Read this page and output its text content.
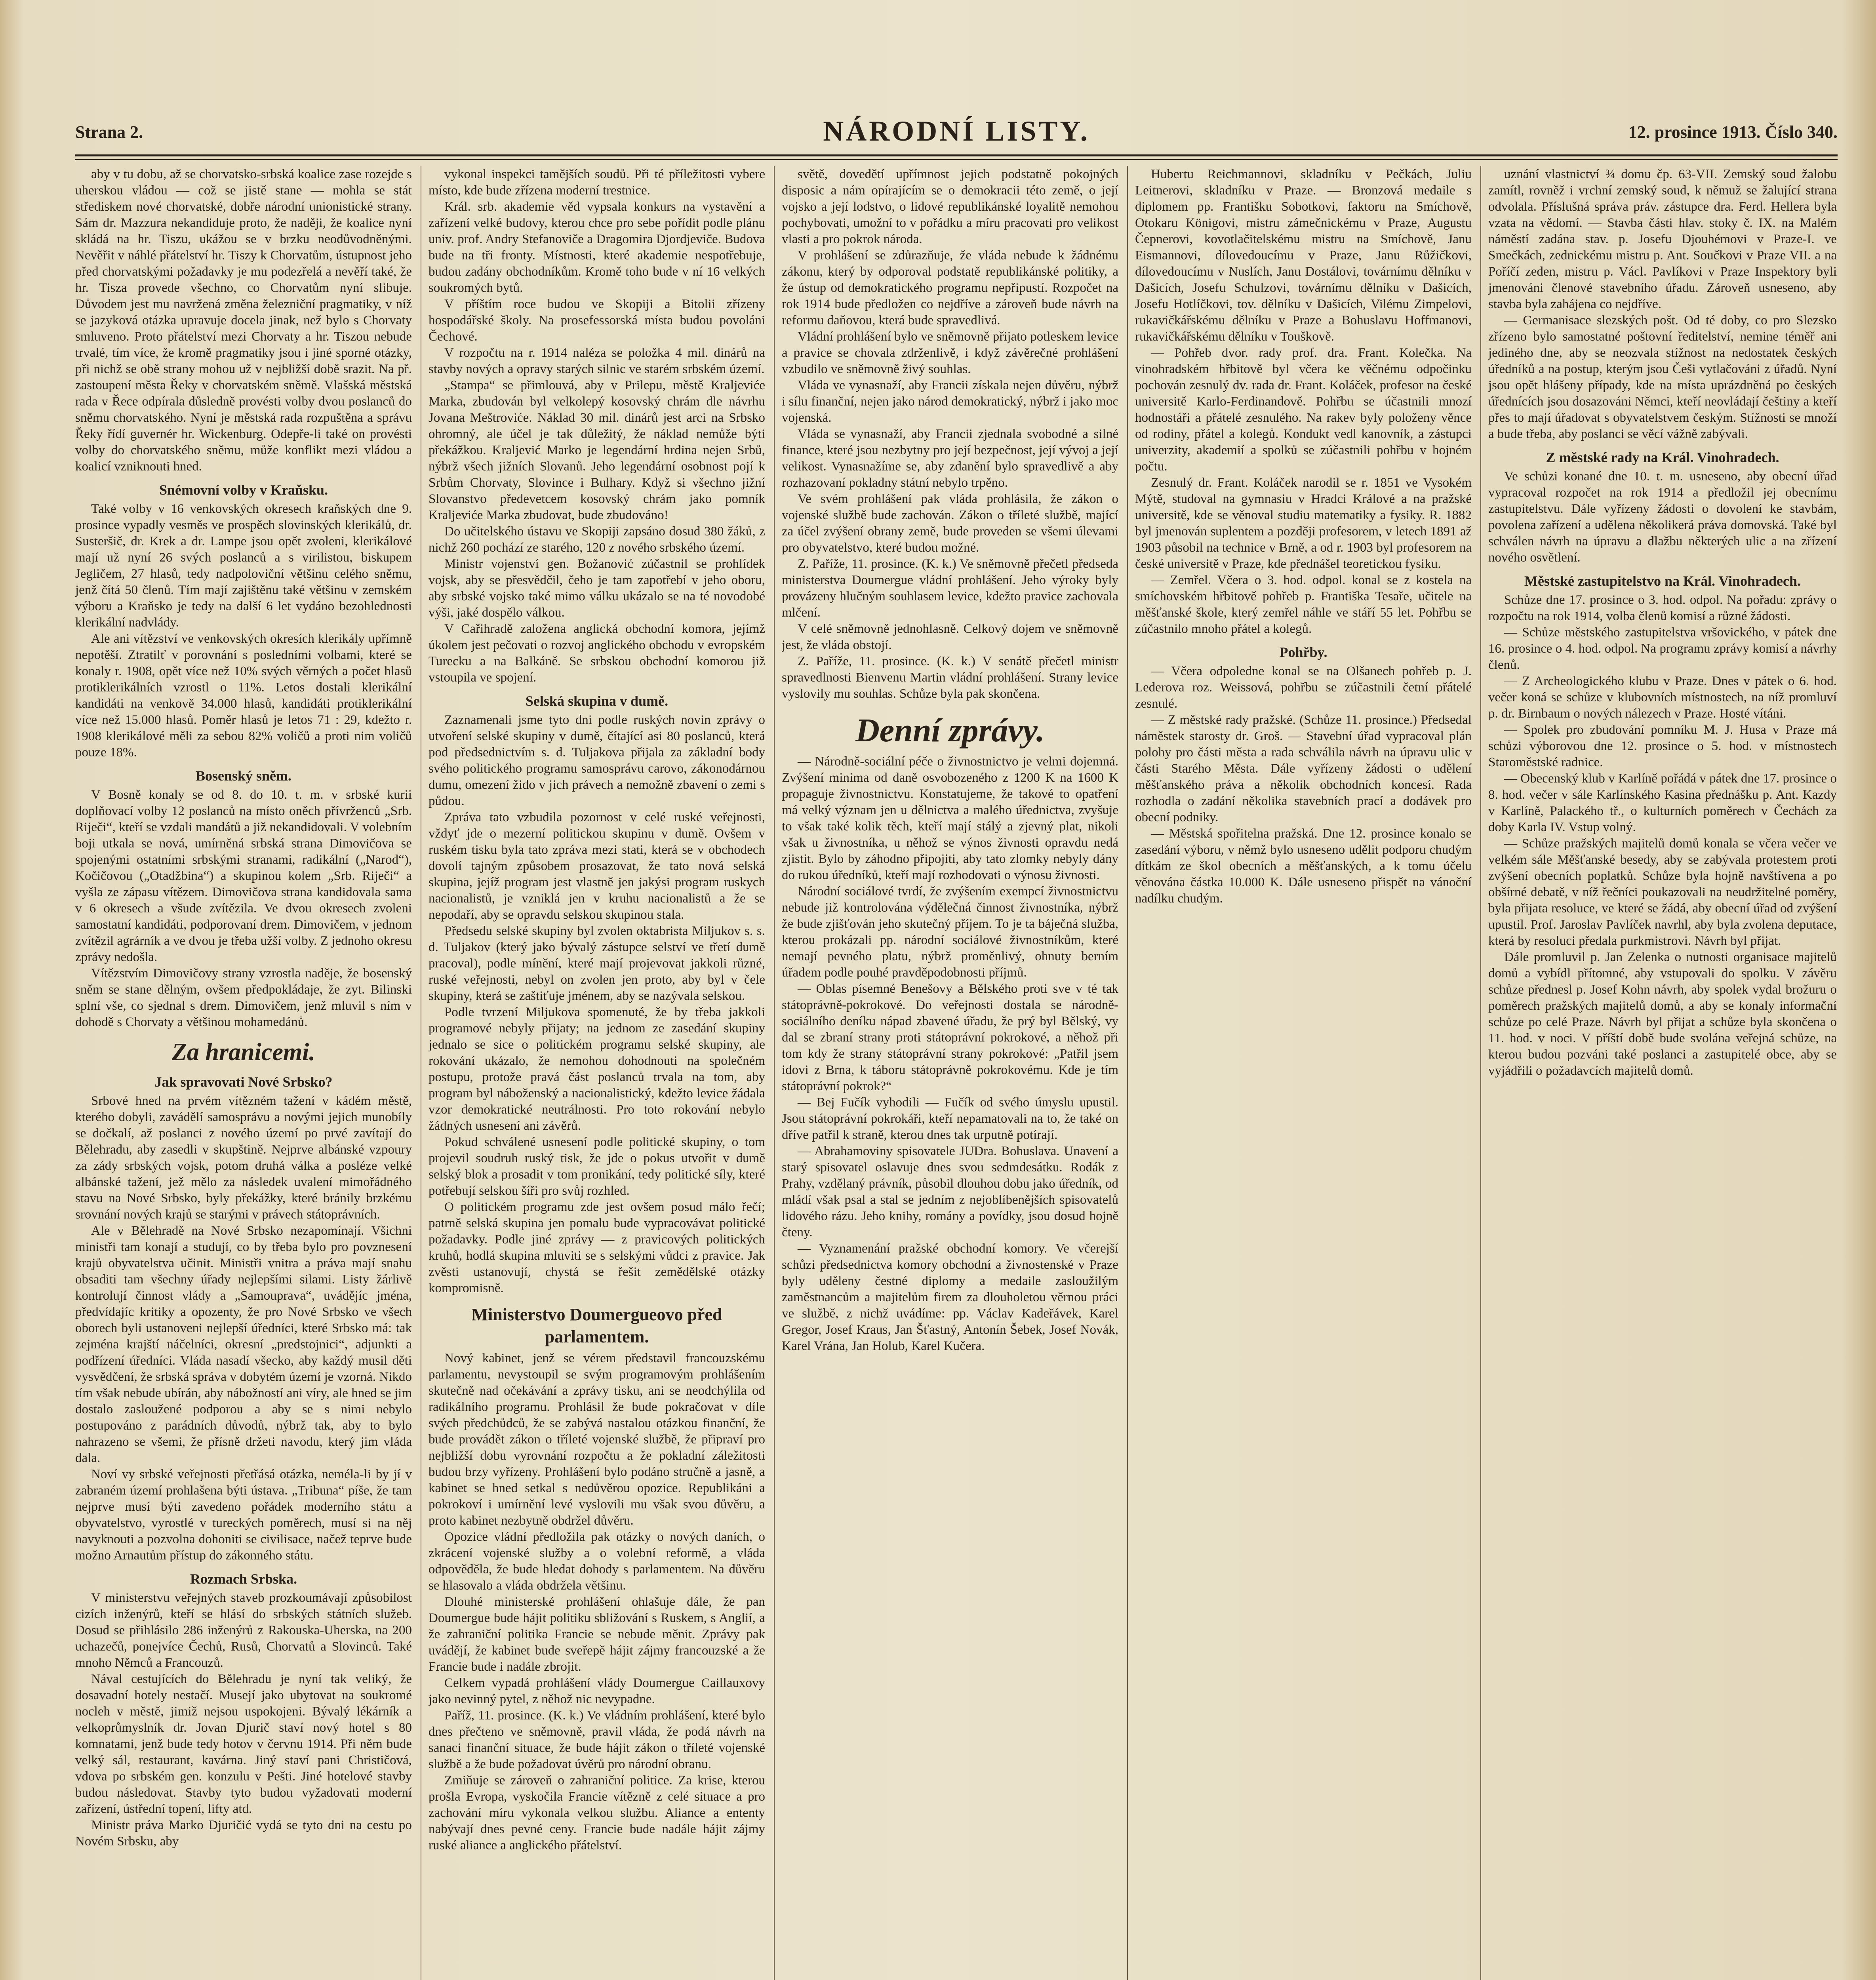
Strana 2.	NÁRODNÍ LISTY.	12. prosince 1913. Číslo 340.

aby v tu dobu, až se chorvatsko-srbská koalice zase rozejde s uherskou vládou — což se jistě stane — mohla se stát střediskem nové chorvatské, dobře národní unionistické strany. Sám dr. Mazzura nekandiduje proto, že naději, že koalice nyní skládá na hr. Tiszu, ukážou se v brzku neodůvodněnými. Nevěřit v náhlé přátelství hr. Tiszy k Chorvatům, ústupnost jeho před chorvatskými požadavky je mu podezřelá a nevěří také, že hr. Tisza provede všechno, co Chorvatům nyní slibuje. Důvodem jest mu navržená změna železniční pragmatiky, v níž se jazyková otázka upravuje docela jinak, než bylo s Chorvaty smluveno. Proto přátelství mezi Chorvaty a hr. Tiszou nebude trvalé, tím více, že kromě pragmatiky jsou i jiné sporné otázky, při nichž se obě strany mohou už v nejbližší době srazit. Na př. zastoupení města Řeky v chorvatském sněmě. Vlašská městská rada v Řece odpírala důsledně provésti volby dvou poslanců do sněmu chorvatského. Nyní je městská rada rozpuštěna a správu Řeky řídí guvernér hr. Wickenburg. Odepře-li také on provésti volby do chorvatského sněmu, může konflikt mezi vládou a koalicí vzniknouti hned.

Snémovní volby v Kraňsku.

Také volby v 16 venkovských okresech kraňských dne 9. prosince vypadly vesměs ve prospěch slovinských klerikálů, dr. Susteršič, dr. Krek a dr. Lampe jsou opět zvoleni, klerikálové mají už nyní 26 svých poslanců a s virilistou, biskupem Jegličem, 27 hlasů, tedy nadpoloviční většinu celého sněmu, jenž čítá 50 členů. Tím mají zajištěnu také většinu v zemském výboru a Kraňsko je tedy na další 6 let vydáno bezohlednosti klerikální nadvlády.

Ale ani vítězství ve venkovských okresích klerikály upřímně nepotěší. Ztratilť v porovnání s posledními volbami, které se konaly r. 1908, opět více než 10% svých věrných a počet hlasů protiklerikálních vzrostl o 11%. Letos dostali klerikální kandidáti na venkově 34.000 hlasů, kandidáti protiklerikální více než 15.000 hlasů. Poměr hlasů je letos 71 : 29, kdežto r. 1908 klerikálové měli za sebou 82% voličů a proti nim voličů pouze 18%.

Bosenský sněm.

V Bosně konaly se od 8. do 10. t. m. v srbské kurii doplňovací volby 12 poslanců na místo oněch přívrženců „Srb. Riječi“, kteří se vzdali mandátů a již nekandidovali. V volebním boji utkala se nová, umírněná srbská strana Dimovičova se spojenými ostatními srbskými stranami, radikální („Narod“), Kočičovou („Otadžbina“) a skupinou kolem „Srb. Riječi“ a vyšla ze zápasu vítězem. Dimovičova strana kandidovala sama v 6 okresech a všude zvítězila. Ve dvou okresech zvoleni samostatní kandidáti, podporovaní drem. Dimovičem, v jednom zvítězil agrárník a ve dvou je třeba užší volby. Z jednoho okresu zprávy nedošla.

Vítězstvím Dimovičovy strany vzrostla naděje, že bosenský sněm se stane dělným, ovšem předpokládaje, že zyt. Bilinski splní vše, co sjednal s drem. Dimovičem, jenž mluvil s ním v dohodě s Chorvaty a většinou mohamedánů.

Za hranicemi.
Jak spravovati Nové Srbsko?

Srbové hned na prvém vítězném tažení v kádém městě, kterého dobyli, zavádělí samosprávu a novými jejich munobíly se dočkalí, až poslanci z nového území po prvé zavítají do Bělehradu, aby zasedli v skupštině. Nejprve albánské vzpoury za zády srbských vojsk, potom druhá válka a posléze velké albánské tažení, jež mělo za následek uvalení mimořádného stavu na Nové Srbsko, byly překážky, které bránily brzkému srovnání nových krajů se starými v právech státoprávních.

Ale v Bělehradě na Nové Srbsko nezapomínají. Všichni ministři tam konají a studují, co by třeba bylo pro povznesení krajů obyvatelstva učinit. Ministři vnitra a práva mají snahu obsaditi tam všechny úřady nejlepšími silami. Listy žárlivě kontrolují činnost vlády a „Samouprava“, uvádějíc jména, předvídajíc kritiky a opozenty, že pro Nové Srbsko ve všech oborech byli ustanoveni nejlepší úředníci, které Srbsko má: tak zejména krajští náčelníci, okresní „predstojnici“, adjunkti a podřízení úředníci. Vláda nasadí všecko, aby každý musil děti vysvědčení, že srbská správa v dobytém území je vzorná. Nikdo tím však nebude ubírán, aby nábožností ani víry, ale hned se jim dostalo zasloužené podporou a aby se s nimi nebylo postupováno z parádních důvodů, nýbrž tak, aby to bylo nahrazeno se všemi, že přísně držeti navodu, který jim vláda dala.

Noví vy srbské veřejnosti přetřásá otázka, neméla-li by jí v zabraném území prohlašena býti ústava. „Tribuna“ píše, že tam nejprve musí býti zavedeno pořádek moderního státu a obyvatelstvo, vyrostlé v tureckých poměrech, musí si na něj navyknouti a pozvolna dohoniti se civilisace, načež teprve bude možno Arnautům přístup do zákonného státu.

Rozmach Srbska.

V ministerstvu veřejných staveb prozkoumávají způsobilost cizích inženýrů, kteří se hlásí do srbských státních služeb. Dosud se přihlásilo 286 inženýrů z Rakouska-Uherska, na 200 uchazečů, ponejvíce Čechů, Rusů, Chorvatů a Slovinců. Také mnoho Němců a Francouzů.

Nával cestujících do Bělehradu je nyní tak veliký, že dosavadní hotely nestačí. Musejí jako ubytovat na soukromé nocleh v městě, jimiž nejsou uspokojeni. Bývalý lékárník a velkoprůmyslník dr. Jovan Djurič staví nový hotel s 80 komnatami, jenž bude tedy hotov v červnu 1914. Při něm bude velký sál, restaurant, kavárna. Jiný staví pani Christičová, vdova po srbském gen. konzulu v Pešti. Jiné hotelové stavby budou následovat. Stavby tyto budou vyžadovati moderní zařízení, ústřední topení, lifty atd.

Ministr práva Marko Djuričić vydá se tyto dni na cestu po Novém Srbsku, aby

vykonal inspekci tamějších soudů. Při té příležitosti vybere místo, kde bude zřízena moderní trestnice.

Král. srb. akademie věd vypsala konkurs na vystavění a zařízení velké budovy, kterou chce pro sebe pořídit podle plánu univ. prof. Andry Stefanoviče a Dragomira Djordjeviče. Budova bude na tři fronty. Místnosti, které akademie nespotřebuje, budou zadány obchodníkům. Kromě toho bude v ní 16 velkých soukromých bytů.

V příštím roce budou ve Skopiji a Bitolii zřízeny hospodářské školy. Na prosefessorská místa budou povoláni Čechové.

V rozpočtu na r. 1914 naléza se položka 4 mil. dinárů na stavby nových a opravy starých silnic ve starém srbském území.

„Stampa“ se přimlouvá, aby v Prilepu, městě Kraljeviće Marka, zbudován byl velkolepý kosovský chrám dle návrhu Jovana Meštroviće. Náklad 30 mil. dinárů jest arci na Srbsko ohromný, ale účel je tak důležitý, že náklad nemůže býti překážkou. Kraljević Marko je legendární hrdina nejen Srbů, nýbrž všech jižních Slovanů. Jeho legendární osobnost pojí k Srbům Chorvaty, Slovince i Bulhary. Když si všechno jižní Slovanstvo předevetcem kosovský chrám jako pomník Kraljeviće Marka zbudovat, bude zbudováno!

Do učitelského ústavu ve Skopiji zapsáno dosud 380 žáků, z nichž 260 pochází ze starého, 120 z nového srbského území.

Ministr vojenství gen. Božanović zúčastnil se prohlídek vojsk, aby se přesvědčil, čeho je tam zapotřebí v jeho oboru, aby srbské vojsko také mimo válku ukázalo se na té novodobé výši, jaké dospělo válkou.

V Cařihradě založena anglická obchodní komora, jejímž úkolem jest pečovati o rozvoj anglického obchodu v evropském Turecku a na Balkáně. Se srbskou obchodní komorou již vstoupila ve spojení.

Selská skupina v dumě.

Zaznamenali jsme tyto dni podle ruských novin zprávy o utvoření selské skupiny v dumě, čítající asi 80 poslanců, která pod předsednictvím s. d. Tuljakova přijala za základní body svého politického programu samosprávu carovo, zákonodárnou dumu, omezení žido v jich právech a nemožně zbavení o zemi s půdou.

Zpráva tato vzbudila pozornost v celé ruské veřejnosti, vždyť jde o mezerní politickou skupinu v dumě. Ovšem v ruském tisku byla tato zpráva mezi stati, která se v obchodech dovolí tajným způsobem prosazovat, že tato nová selská skupina, jejíž program jest vlastně jen jakýsi program ruskych nacionalistů, je vzniklá jen v kruhu nacionalistů a že se nepodaří, aby se opravdu selskou skupinou stala.

Předsedu selské skupiny byl zvolen oktabrista Miljukov s. s. d. Tuljakov (který jako bývalý zástupce selství ve třetí dumě pracoval), podle mínění, které mají projevovat jakkoli různé, ruské veřejnosti, nebyl on zvolen jen proto, aby byl v čele skupiny, která se zaštiťuje jménem, aby se nazývala selskou.

Podle tvrzení Miljukova spomenuté, že by třeba jakkoli programové nebyly přijaty; na jednom ze zasedání skupiny jednalo se sice o politickém programu selské skupiny, ale rokování ukázalo, že nemohou dohodnouti na společném postupu, protože pravá část poslanců trvala na tom, aby program byl náboženský a nacionalistický, kdežto levice žádala vzor demokratické neutrálnosti. Pro toto rokování nebylo žádných usnesení ani závěrů.

Pokud schválené usnesení podle politické skupiny, o tom projevil soudruh ruský tisk, že jde o pokus utvořit v dumě selský blok a prosadit v tom pronikání, tedy politické síly, které potřebují selskou šíři pro svůj rozhled.

O politickém programu zde jest ovšem posud málo řečí; patrně selská skupina jen pomalu bude vypracovávat politické požadavky. Podle jiné zprávy — z pravicových politických kruhů, hodlá skupina mluviti se s selskými vůdci z pravice. Jak zvěsti ustanovují, chystá se řešit zemědělské otázky kompromisně.

Ministerstvo Doumergueovo před parlamentem.

Nový kabinet, jenž se vérem představil francouzskému parlamentu, nevystoupil se svým programovým prohlášením skutečně nad očekávání a zprávy tisku, ani se neodchýlila od radikálního programu. Prohlásil že bude pokračovat v díle svých předchůdců, že se zabývá nastalou otázkou finanční, že bude provádět zákon o tříleté vojenské službě, že připraví pro nejbližší dobu vyrovnání rozpočtu a že pokladní záležitosti budou brzy vyřízeny. Prohlášení bylo podáno stručně a jasně, a kabinet se hned setkal s nedůvěrou opozice. Republikáni a pokrokoví i umírnění levé vyslovili mu však svou důvěru, a proto kabinet nezbytně obdržel důvěru.

Opozice vládní předložila pak otázky o nových daních, o zkrácení vojenské služby a o volební reformě, a vláda odpověděla, že bude hledat dohody s parlamentem. Na důvěru se hlasovalo a vláda obdržela většinu.

Dlouhé ministerské prohlášení ohlašuje dále, že pan Doumergue bude hájit politiku sbližování s Ruskem, s Anglií, a že zahraniční politika Francie se nebude měnit. Zprávy pak uvádějí, že kabinet bude sveřepě hájit zájmy francouzské a že Francie bude i nadále zbrojit.

Celkem vypadá prohlášení vlády Doumergue Caillauxovy jako nevinný pytel, z něhož nic nevypadne.

Paříž, 11. prosince. (K. k.) Ve vládním prohlášení, které bylo dnes přečteno ve sněmovně, pravil vláda, že podá návrh na sanaci finanční situace, že bude hájit zákon o tříleté vojenské službě a že bude požadovat úvěrů pro národní obranu.

Zmiňuje se zároveň o zahraniční politice. Za krise, kterou prošla Evropa, vyskočila Francie vítězně z celé situace a pro zachování míru vykonala velkou službu. Aliance a ententy nabývají dnes pevné ceny. Francie bude nadále hájit zájmy ruské aliance a anglického přátelství.

světě, dovedětí upřímnost jejich podstatně pokojných disposic a nám opírajícím se o demokracii této země, o její vojsko a její lodstvo, o lidové republikánské loyalitě nemohou pochybovati, umožní to v pořádku a míru pracovati pro velikost vlasti a pro pokrok národa.

V prohlášení se zdůrazňuje, že vláda nebude k žádnému zákonu, který by odporoval podstatě republikánské politiky, a že ústup od demokratického programu nepřipustí. Rozpočet na rok 1914 bude předložen co nejdříve a zároveň bude návrh na reformu daňovou, která bude spravedlivá.

Vládní prohlášení bylo ve sněmovně přijato potleskem levice a pravice se chovala zdrženlivě, i když závěrečné prohlášení vzbudilo ve sněmovně živý souhlas.

Vláda ve vynasnaží, aby Francii získala nejen důvěru, nýbrž i sílu finanční, nejen jako národ demokratický, nýbrž i jako moc vojenská.

Vláda se vynasnaží, aby Francii zjednala svobodné a silné finance, které jsou nezbytny pro její bezpečnost, její vývoj a její velikost. Vynasnažíme se, aby zdanění bylo spravedlivě a aby rozhazovaní pokladny státní nebylo trpěno.

Ve svém prohlášení pak vláda prohlásila, že zákon o vojenské službě bude zachován. Zákon o tříleté službě, mající za účel zvýšení obrany země, bude proveden se všemi úlevami pro obyvatelstvo, které budou možné.

Z. Paříže, 11. prosince. (K. k.) Ve sněmovně přečetl předseda ministerstva Doumergue vládní prohlášení. Jeho výroky byly provázeny hlučným souhlasem levice, kdežto pravice zachovala mlčení.

V celé sněmovně jednohlasně. Celkový dojem ve sněmovně jest, že vláda obstojí.

Z. Paříže, 11. prosince. (K. k.) V senátě přečetl ministr spravedlnosti Bienvenu Martin vládní prohlášení. Strany levice vyslovily mu souhlas. Schůze byla pak skončena.

Denní zprávy.

— Národně-sociální péče o živnostnictvo je velmi dojemná. Zvýšení minima od daně osvobozeného z 1200 K na 1600 K propaguje živnostnictvu. Konstatujeme, že takové to opatření má velký význam jen u dělnictva a malého úřednictva, zvyšuje to však také kolik těch, kteří mají stálý a zjevný plat, nikoli však u živnostníka, u něhož se výnos živnosti opravdu nedá zjistit. Bylo by záhodno připojiti, aby tato zlomky nebyly dány do rukou úředníků, kteří mají rozhodovati o výnosu živnosti.

Národní sociálové tvrdí, že zvýšením exempcí živnostnictvu nebude již kontrolována výdělečná činnost živnostníka, nýbrž že bude zjišťován jeho skutečný příjem. To je ta báječná služba, kterou prokázali pp. národní sociálové živnostníkům, které nemají pevného platu, nýbrž proměnlivý, ohnuty berním úřadem podle pouhé pravděpodobnosti příjmů.

— Oblas písemné Benešovy a Bělského proti sve v té tak státoprávně-pokrokové. Do veřejnosti dostala se národně-sociálního deníku nápad zbavené úřadu, že prý byl Bělský, vy dal se zbraní strany proti státoprávní pokrokové, a něhož při tom kdy že strany státoprávní strany pokrokové: „Patřil jsem idovi z Brna, k táboru státoprávně pokrokovému. Kde je tím státoprávní pokrok?“

— Bej Fučík vyhodili — Fučík od svého úmyslu upustil. Jsou státoprávní pokrokáři, kteří nepamatovali na to, že také on dříve patřil k straně, kterou dnes tak urputně potírají.

— Abrahamoviny spisovatele JUDra. Bohuslava. Unavení a starý spisovatel oslavuje dnes svou sedmdesátku. Rodák z Prahy, vzdělaný právník, působil dlouhou dobu jako úředník, od mládí však psal a stal se jedním z nejoblíbenějších spisovatelů lidového rázu. Jeho knihy, romány a povídky, jsou dosud hojně čteny.

— Vyznamenání pražské obchodní komory. Ve včerejší schůzi předsednictva komory obchodní a živnostenské v Praze byly uděleny čestné diplomy a medaile zasloužilým zaměstnancům a majitelům firem za dlouholetou věrnou práci ve službě, z nichž uvádíme: pp. Václav Kadeřávek, Karel Gregor, Josef Kraus, Jan Šťastný, Antonín Šebek, Josef Novák, Karel Vrána, Jan Holub, Karel Kučera.

Hubertu Reichmannovi, skladníku v Pečkách, Juliu Leitnerovi, skladníku v Praze. — Bronzová medaile s diplomem pp. Františku Sobotkovi, faktoru na Smíchově, Otokaru Königovi, mistru zámečnickému v Praze, Augustu Čepnerovi, kovotlačitelskému mistru na Smíchově, Janu Eismannovi, dílovedoucímu v Praze, Janu Růžičkovi, dílovedoucímu v Nuslích, Janu Dostálovi, továrnímu dělníku v Dašicích, Josefu Schulzovi, továrnímu dělníku v Dašicích, Josefu Hotlíčkovi, tov. dělníku v Dašicích, Vilému Zimpelovi, rukavičkářskému dělníku v Praze a Bohuslavu Hoffmanovi, rukavičkářskému dělníku v Touškově.

— Pohřeb dvor. rady prof. dra. Frant. Kolečka. Na vinohradském hřbitově byl včera ke věčnému odpočinku pochován zesnulý dv. rada dr. Frant. Koláček, profesor na české universitě Karlo-Ferdinandově. Pohřbu se účastnili mnozí hodnostáři a přátelé zesnulého. Na rakev byly položeny věnce od rodiny, přátel a kolegů. Kondukt vedl kanovník, a zástupci univerzity, akademií a spolků se zúčastnili pohřbu v hojném počtu.

Zesnulý dr. Frant. Koláček narodil se r. 1851 ve Vysokém Mýtě, studoval na gymnasiu v Hradci Králové a na pražské universitě, kde se věnoval studiu matematiky a fysiky. R. 1882 byl jmenován suplentem a později profesorem, v letech 1891 až 1903 působil na technice v Brně, a od r. 1903 byl profesorem na české universitě v Praze, kde přednášel teoretickou fysiku.

— Zemřel. Včera o 3. hod. odpol. konal se z kostela na smíchovském hřbitově pohřeb p. Františka Tesaře, učitele na měšťanské škole, který zemřel náhle ve stáří 55 let. Pohřbu se zúčastnilo mnoho přátel a kolegů.

Pohřby.

— Včera odpoledne konal se na Olšanech pohřeb p. J. Lederova roz. Weissová, pohřbu se zúčastnili četní přátelé zesnulé.

— Z městské rady pražské. (Schůze 11. prosince.) Předsedal náměstek starosty dr. Groš. — Stavební úřad vypracoval plán polohy pro části města a rada schválila návrh na úpravu ulic v části Starého Města. Dále vyřízeny žádosti o udělení měšťanského práva a několik obchodních koncesí. Rada rozhodla o zadání několika stavebních prací a dodávek pro obecní podniky.

— Městská spořitelna pražská. Dne 12. prosince konalo se zasedání výboru, v němž bylo usneseno udělit podporu chudým dítkám ze škol obecních a měšťanských, a k tomu účelu věnována částka 10.000 K. Dále usneseno přispět na vánoční nadílku chudým.

uznání vlastnictví ¾ domu čp. 63-VII. Zemský soud žalobu zamítl, rovněž i vrchní zemský soud, k němuž se žalující strana odvolala. Příslušná správa práv. zástupce dra. Ferd. Hellera byla vzata na vědomí. — Stavba části hlav. stoky č. IX. na Malém náměstí zadána stav. p. Josefu Djouhémovi v Praze-I. ve Smečkách, zednickému mistru p. Ant. Součkovi v Praze VII. a na Poříčí zeden, mistru p. Václ. Pavlíkovi v Praze Inspektory byli jmenováni členové stavebního úřadu. Zároveň usneseno, aby stavba byla zahájena co nejdříve.

— Germanisace slezských pošt. Od té doby, co pro Slezsko zřízeno bylo samostatné poštovní ředitelství, nemine téměř ani jediného dne, aby se neozvala stížnost na nedostatek českých úředníků a na postup, kterým jsou Češi vytlačováni z úřadů. Nyní jsou opět hlášeny případy, kde na místa uprázdněná po českých úřednících jsou dosazováni Němci, kteří neovládají češtiny a kteří přes to mají úřadovat s obyvatelstvem českým. Stížnosti se množí a bude třeba, aby poslanci se věcí vážně zabývali.

Z městské rady na Král. Vinohradech.

Ve schůzi konané dne 10. t. m. usneseno, aby obecní úřad vypracoval rozpočet na rok 1914 a předložil jej obecnímu zastupitelstvu. Dále vyřízeny žádosti o dovolení ke stavbám, povolena zařízení a udělena několikerá práva domovská. Také byl schválen návrh na úpravu a dlažbu některých ulic a na zřízení nového osvětlení.

Městské zastupitelstvo na Král. Vinohradech.

Schůze dne 17. prosince o 3. hod. odpol. Na pořadu: zprávy o rozpočtu na rok 1914, volba členů komisí a různé žádosti.

— Schůze městského zastupitelstva vršovického, v pátek dne 16. prosince o 4. hod. odpol. Na programu zprávy komisí a návrhy členů.

— Z Archeologického klubu v Praze. Dnes v pátek o 6. hod. večer koná se schůze v klubovních místnostech, na níž promluví p. dr. Birnbaum o nových nálezech v Praze. Hosté vítáni.

— Spolek pro zbudování pomníku M. J. Husa v Praze má schůzi výborovou dne 12. prosince o 5. hod. v místnostech Staroměstské radnice.

— Obecenský klub v Karlíně pořádá v pátek dne 17. prosince o 8. hod. večer v sále Karlínského Kasina přednášku p. Ant. Kazdy v Karlíně, Palackého tř., o kulturních poměrech v Čechách za doby Karla IV. Vstup volný.

— Schůze pražských majitelů domů konala se včera večer ve velkém sále Měšťanské besedy, aby se zabývala protestem proti zvýšení obecních poplatků. Schůze byla hojně navštívena a po obšírné debatě, v níž řečníci poukazovali na neudržitelné poměry, byla přijata resoluce, ve které se žádá, aby obecní úřad od zvýšení upustil. Prof. Jaroslav Pavlíček navrhl, aby byla zvolena deputace, která by resoluci předala purkmistrovi. Návrh byl přijat.

Dále promluvil p. Jan Zelenka o nutnosti organisace majitelů domů a vybídl přítomné, aby vstupovali do spolku. V závěru schůze přednesl p. Josef Kohn návrh, aby spolek vydal brožuru o poměrech pražských majitelů domů, a aby se konaly informační schůze po celé Praze. Návrh byl přijat a schůze byla skončena o 11. hod. v noci. V příští době bude svolána veřejná schůze, na kterou budou pozváni také poslanci a zastupitelé obce, aby se vyjádřili o požadavcích majitelů domů.
